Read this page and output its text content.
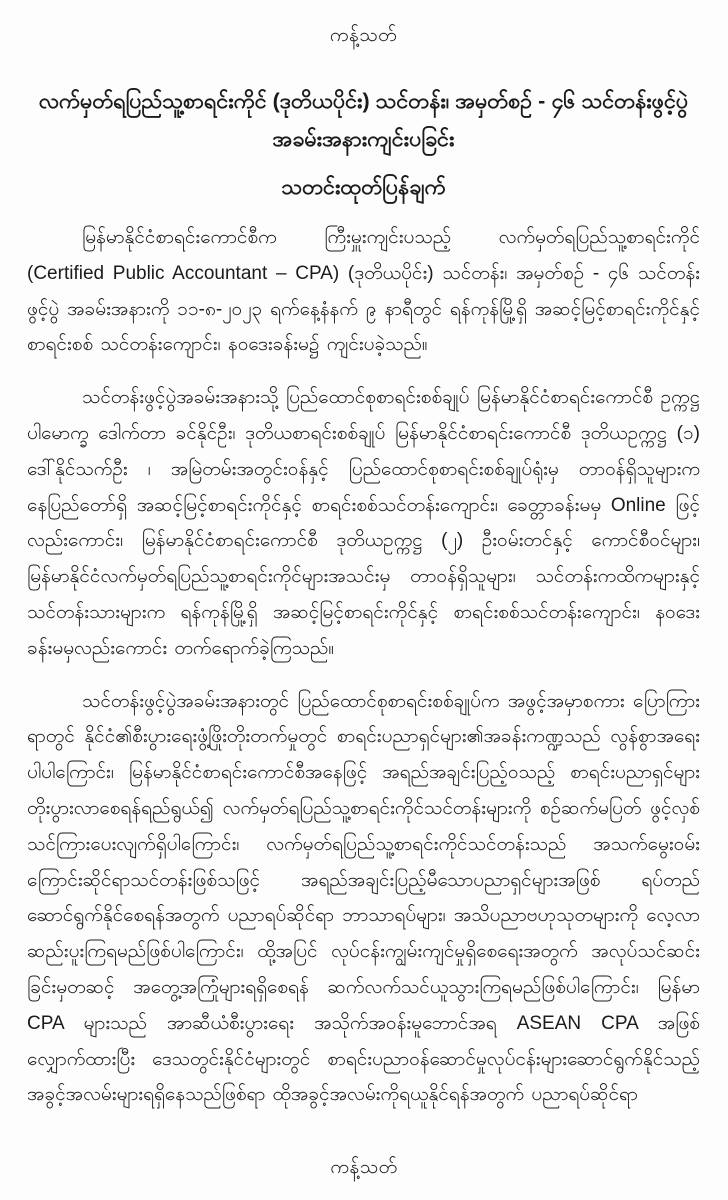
ကန့်သတ်
လက်မှတ်ရပြည်သူ့စာရင်းကိုင် (ဒုတိယပိုင်း) သင်တန်း၊ အမှတ်စဉ် - ၄၆ သင်တန်းဖွင့်ပွဲ
အခမ်းအနားကျင်းပခြင်း
သတင်းထုတ်ပြန်ချက်

မြန်မာနိုင်ငံစာရင်းကောင်စီက ကြီးမှူးကျင်းပသည့် လက်မှတ်ရပြည်သူ့စာရင်းကိုင် (Certified Public Accountant – CPA) (ဒုတိယပိုင်း) သင်တန်း၊ အမှတ်စဉ် - ၄၆ သင်တန်းဖွင့်ပွဲ အခမ်းအနားကို ၁၁-၈-၂၀၂၃ ရက်နေ့နံနက် ၉ နာရီတွင် ရန်ကုန်မြို့ရှိ အဆင့်မြင့်စာရင်းကိုင်နှင့်စာရင်းစစ် သင်တန်းကျောင်း၊ နဝဒေးခန်းမ၌ ကျင်းပခဲ့သည်။

သင်တန်းဖွင့်ပွဲအခမ်းအနားသို့ ပြည်ထောင်စုစာရင်းစစ်ချုပ် မြန်မာနိုင်ငံစာရင်းကောင်စီ ဥက္ကဋ္ဌ ပါမောက္ခ ဒေါက်တာ ခင်နိုင်ဦး၊ ဒုတိယစာရင်းစစ်ချုပ် မြန်မာနိုင်ငံစာရင်းကောင်စီ ဒုတိယဥက္ကဋ္ဌ (၁) ဒေါ်နိုင်သက်ဦး ၊ အမြဲတမ်းအတွင်းဝန်နှင့် ပြည်ထောင်စုစာရင်းစစ်ချုပ်ရုံးမှ တာဝန်ရှိသူများက နေပြည်တော်ရှိ အဆင့်မြင့်စာရင်းကိုင်နှင့် စာရင်းစစ်သင်တန်းကျောင်း၊ ခေတ္တာခန်းမမှ Online ဖြင့်လည်းကောင်း၊ မြန်မာနိုင်ငံစာရင်းကောင်စီ ဒုတိယဥက္ကဋ္ဌ (၂) ဦးဝမ်းတင်နှင့် ကောင်စီဝင်များ၊ မြန်မာနိုင်ငံလက်မှတ်ရပြည်သူ့စာရင်းကိုင်များအသင်းမှ တာဝန်ရှိသူများ၊ သင်တန်းကထိကများနှင့် သင်တန်းသားများက ရန်ကုန်မြို့ရှိ အဆင့်မြင့်စာရင်းကိုင်နှင့် စာရင်းစစ်သင်တန်းကျောင်း၊ နဝဒေးခန်းမမှလည်းကောင်း တက်ရောက်ခဲ့ကြသည်။

သင်တန်းဖွင့်ပွဲအခမ်းအနားတွင် ပြည်ထောင်စုစာရင်းစစ်ချုပ်က အဖွင့်အမှာစကား ပြောကြားရာတွင် နိုင်ငံ၏စီးပွားရေးဖွံ့ဖြိုးတိုးတက်မှုတွင် စာရင်းပညာရှင်များ၏အခန်းကဏ္ဍသည် လွန်စွာအရေးပါပါကြောင်း၊ မြန်မာနိုင်ငံစာရင်းကောင်စီအနေဖြင့် အရည်အချင်းပြည့်ဝသည့် စာရင်းပညာရှင်များတိုးပွားလာစေရန်ရည်ရွယ်၍ လက်မှတ်ရပြည်သူ့စာရင်းကိုင်သင်တန်းများကို စဉ်ဆက်မပြတ် ဖွင့်လှစ်သင်ကြားပေးလျက်ရှိပါကြောင်း၊ လက်မှတ်ရပြည်သူ့စာရင်းကိုင်သင်တန်းသည် အသက်မွေးဝမ်းကြောင်းဆိုင်ရာသင်တန်းဖြစ်သဖြင့် အရည်အချင်းပြည့်မီသောပညာရှင်များအဖြစ် ရပ်တည်ဆောင်ရွက်နိုင်စေရန်အတွက် ပညာရပ်ဆိုင်ရာ ဘာသာရပ်များ၊ အသိပညာဗဟုသုတများကို လေ့လာဆည်းပူးကြရမည်ဖြစ်ပါကြောင်း၊ ထို့အပြင် လုပ်ငန်းကျွမ်းကျင်မှုရှိစေရေးအတွက် အလုပ်သင်ဆင်းခြင်းမှတဆင့် အတွေ့အကြုံများရရှိစေရန် ဆက်လက်သင်ယူသွားကြရမည်ဖြစ်ပါကြောင်း၊ မြန်မာ CPA များသည် အာဆီယံစီးပွားရေး အသိုက်အဝန်းမူဘောင်အရ ASEAN CPA အဖြစ် လျှောက်ထားပြီး ဒေသတွင်းနိုင်ငံများတွင် စာရင်းပညာဝန်ဆောင်မှုလုပ်ငန်းများဆောင်ရွက်နိုင်သည့် အခွင့်အလမ်းများရရှိနေသည်ဖြစ်ရာ ထိုအခွင့်အလမ်းကိုရယူနိုင်ရန်အတွက် ပညာရပ်ဆိုင်ရာ

ကန့်သတ်
